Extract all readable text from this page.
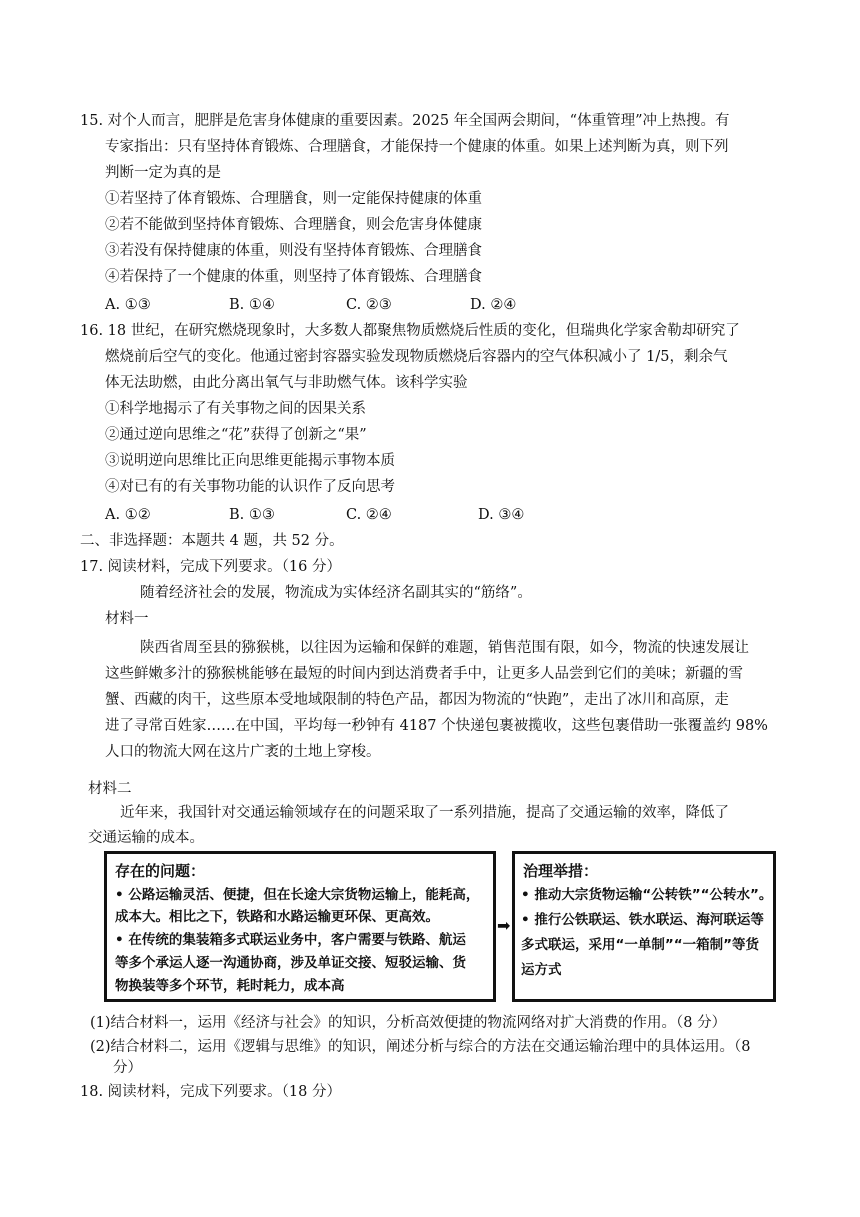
15. 对个人而言，肥胖是危害身体健康的重要因素。2025 年全国两会期间，“体重管理”冲上热搜。有
专家指出：只有坚持体育锻炼、合理膳食，才能保持一个健康的体重。如果上述判断为真，则下列
判断一定为真的是
①若坚持了体育锻炼、合理膳食，则一定能保持健康的体重
②若不能做到坚持体育锻炼、合理膳食，则会危害身体健康
③若没有保持健康的体重，则没有坚持体育锻炼、合理膳食
④若保持了一个健康的体重，则坚持了体育锻炼、合理膳食
A. ①③	B. ①④	C. ②③	D. ②④
16. 18 世纪，在研究燃烧现象时，大多数人都聚焦物质燃烧后性质的变化，但瑞典化学家舍勒却研究了
燃烧前后空气的变化。他通过密封容器实验发现物质燃烧后容器内的空气体积减小了 1/5，剩余气
体无法助燃，由此分离出氧气与非助燃气体。该科学实验
①科学地揭示了有关事物之间的因果关系
②通过逆向思维之“花”获得了创新之“果”
③说明逆向思维比正向思维更能揭示事物本质
④对已有的有关事物功能的认识作了反向思考
A. ①②	B. ①③	C. ②④	D. ③④
二、非选择题：本题共 4 题，共 52 分。
17. 阅读材料，完成下列要求。（16 分）
随着经济社会的发展，物流成为实体经济名副其实的“筋络”。
材料一
陕西省周至县的猕猴桃，以往因为运输和保鲜的难题，销售范围有限，如今，物流的快速发展让
这些鲜嫩多汁的猕猴桃能够在最短的时间内到达消费者手中，让更多人品尝到它们的美味；新疆的雪
蟹、西藏的肉干，这些原本受地域限制的特色产品，都因为物流的“快跑”，走出了冰川和高原，走
进了寻常百姓家……在中国，平均每一秒钟有 4187 个快递包裹被揽收，这些包裹借助一张覆盖约 98%
人口的物流大网在这片广袤的土地上穿梭。
材料二
近年来，我国针对交通运输领域存在的问题采取了一系列措施，提高了交通运输的效率，降低了
交通运输的成本。
存在的问题：
• 公路运输灵活、便捷，但在长途大宗货物运输上，能耗高，
成本大。相比之下，铁路和水路运输更环保、更高效。
• 在传统的集装箱多式联运业务中，客户需要与铁路、航运
等多个承运人逐一沟通协商，涉及单证交接、短驳运输、货
物换装等多个环节，耗时耗力，成本高
➡
治理举措：
• 推动大宗货物运输“公转铁”“公转水”。
• 推行公铁联运、铁水联运、海河联运等
多式联运，采用“一单制”“一箱制”等货
运方式
(1)结合材料一，运用《经济与社会》的知识，分析高效便捷的物流网络对扩大消费的作用。（8 分）
(2)结合材料二，运用《逻辑与思维》的知识，阐述分析与综合的方法在交通运输治理中的具体运用。（8
分）
18. 阅读材料，完成下列要求。（18 分）
